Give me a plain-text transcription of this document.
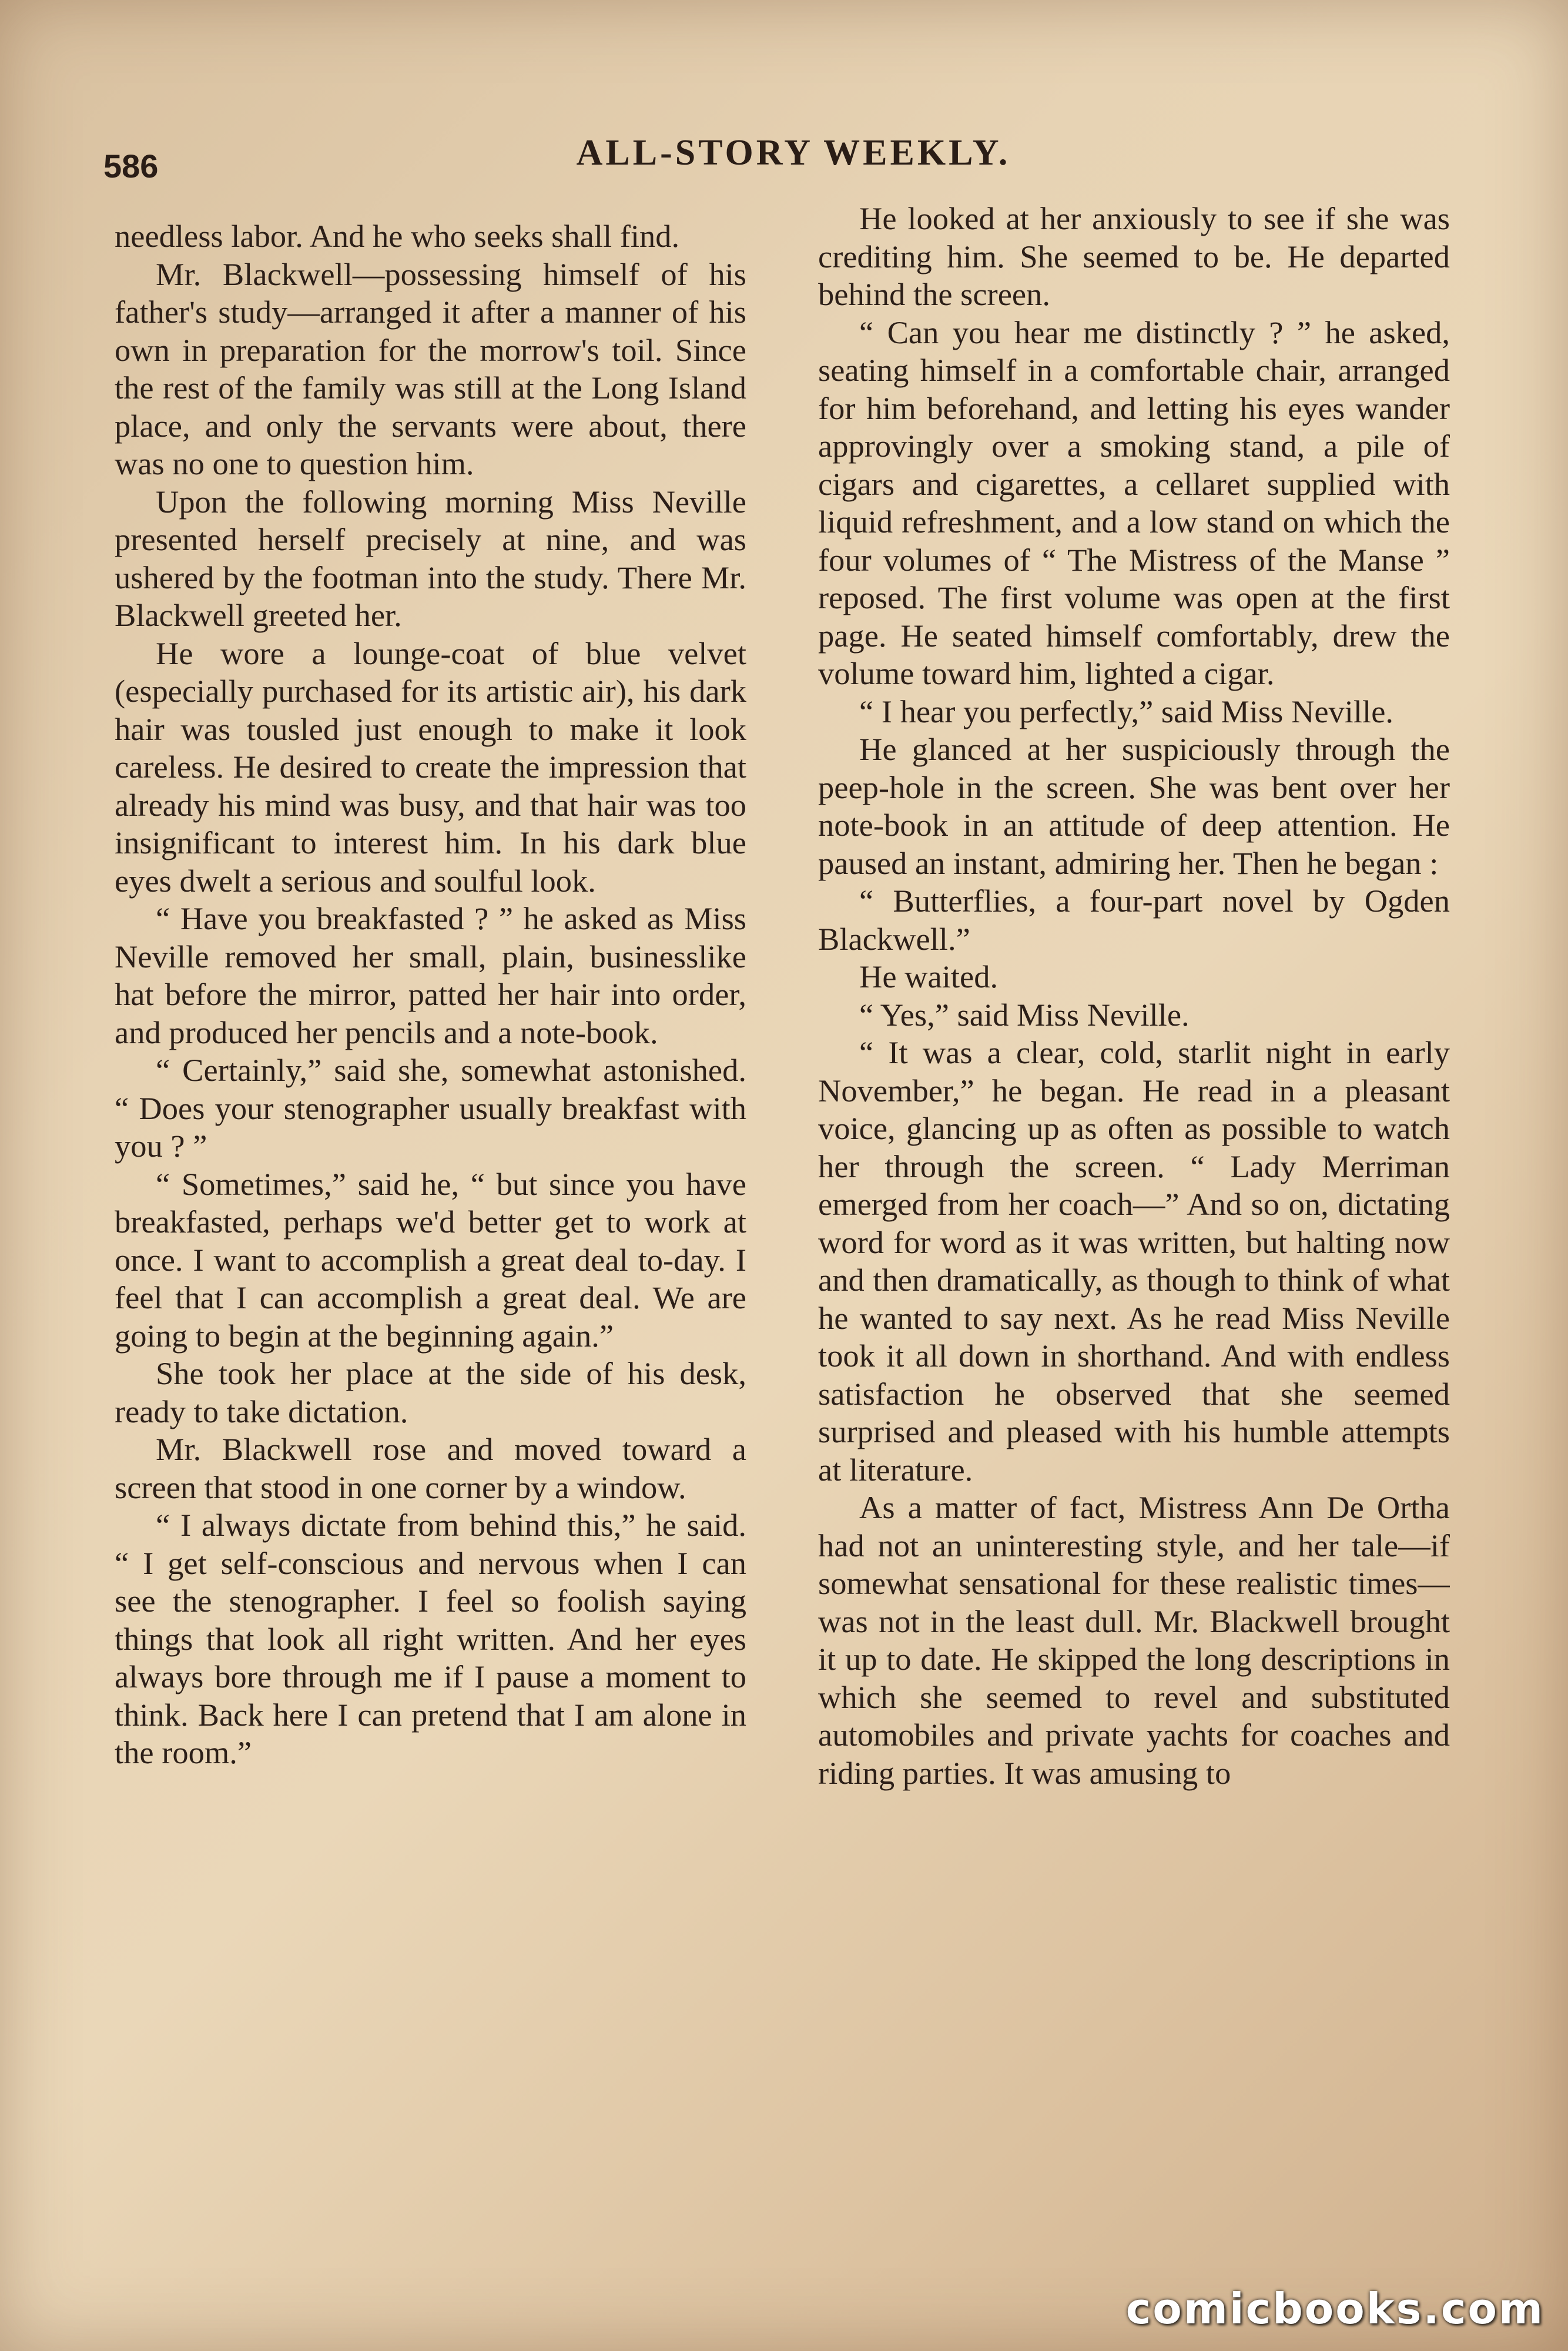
586	ALL-STORY WEEKLY.

needless labor. And he who seeks shall find.

Mr. Blackwell—possessing himself of his father's study—arranged it after a manner of his own in preparation for the morrow's toil. Since the rest of the family was still at the Long Island place, and only the servants were about, there was no one to question him.

Upon the following morning Miss Neville presented herself precisely at nine, and was ushered by the footman into the study. There Mr. Blackwell greeted her.

He wore a lounge-coat of blue velvet (especially purchased for its artistic air), his dark hair was tousled just enough to make it look careless. He desired to create the impression that already his mind was busy, and that hair was too insignificant to interest him. In his dark blue eyes dwelt a serious and soulful look.

“ Have you breakfasted ? ” he asked as Miss Neville removed her small, plain, businesslike hat before the mirror, patted her hair into order, and produced her pencils and a note-book.

“ Certainly,” said she, somewhat astonished. “ Does your stenographer usually breakfast with you ? ”

“ Sometimes,” said he, “ but since you have breakfasted, perhaps we'd better get to work at once. I want to accomplish a great deal to-day. I feel that I can accomplish a great deal. We are going to begin at the beginning again.”

She took her place at the side of his desk, ready to take dictation.

Mr. Blackwell rose and moved toward a screen that stood in one corner by a window.

“ I always dictate from behind this,” he said. “ I get self-conscious and nervous when I can see the stenographer. I feel so foolish saying things that look all right written. And her eyes always bore through me if I pause a moment to think. Back here I can pretend that I am alone in the room.”

He looked at her anxiously to see if she was crediting him. She seemed to be. He departed behind the screen.

“ Can you hear me distinctly ? ” he asked, seating himself in a comfortable chair, arranged for him beforehand, and letting his eyes wander approvingly over a smoking stand, a pile of cigars and cigarettes, a cellaret supplied with liquid refreshment, and a low stand on which the four volumes of “ The Mistress of the Manse ” reposed. The first volume was open at the first page. He seated himself comfortably, drew the volume toward him, lighted a cigar.

“ I hear you perfectly,” said Miss Neville.

He glanced at her suspiciously through the peep-hole in the screen. She was bent over her note-book in an attitude of deep attention. He paused an instant, admiring her. Then he began :

“ Butterflies, a four-part novel by Ogden Blackwell.”

He waited.

“ Yes,” said Miss Neville.

“ It was a clear, cold, starlit night in early November,” he began. He read in a pleasant voice, glancing up as often as possible to watch her through the screen. “ Lady Merriman emerged from her coach—” And so on, dictating word for word as it was written, but halting now and then dramatically, as though to think of what he wanted to say next. As he read Miss Neville took it all down in shorthand. And with endless satisfaction he observed that she seemed surprised and pleased with his humble attempts at literature.

As a matter of fact, Mistress Ann De Ortha had not an uninteresting style, and her tale—if somewhat sensational for these realistic times—was not in the least dull. Mr. Blackwell brought it up to date. He skipped the long descriptions in which she seemed to revel and substituted automobiles and private yachts for coaches and riding parties. It was amusing to

comicbooks.com
